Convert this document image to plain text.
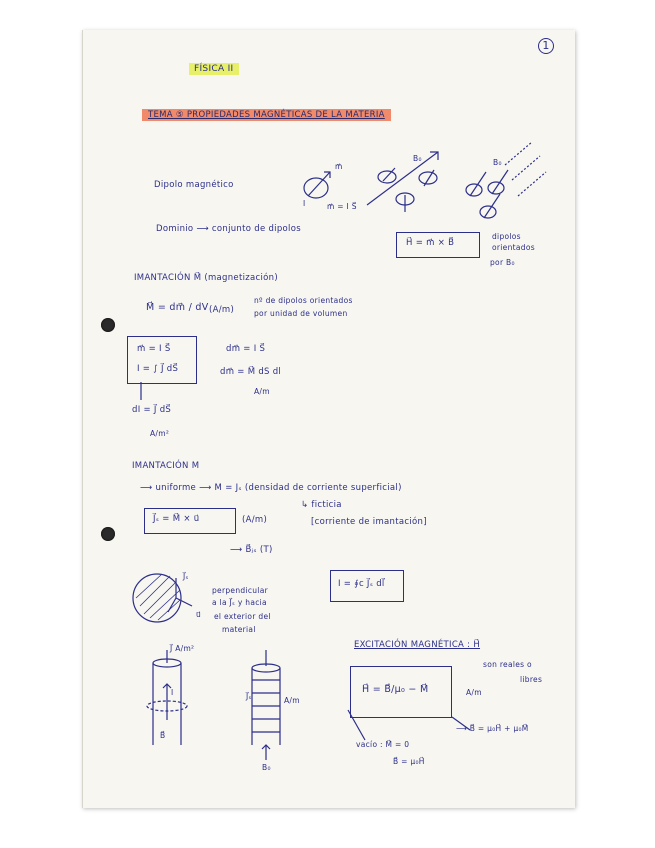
1
FÍSICA II
TEMA ⑤ PROPIEDADES MAGNÉTICAS DE LA MATERIA
Dipolo magnético
m⃗
I	m⃗ = I S⃗
B₀	B₀
Dominio ⟶ conjunto de dipolos
H⃗ = m⃗ × B⃗
dipolos
orientados
por B₀
IMANTACIÓN M⃗ (magnetización)
M⃗ = dm⃗ / dV (A/m)
nº de dipolos orientados
por unidad de volumen
m⃗ = I S⃗
I = ∫ J⃗ dS⃗
dm⃗ = I S⃗
dm⃗ = M⃗ dS dl
A/m
dI = J⃗ dS⃗
A/m²
IMANTACIÓN M
⟶ uniforme ⟶ M = Jₛ (densidad de corriente superficial)
↳ ficticia
[corriente de imantación]
J⃗ₛ = M⃗ × u⃗	(A/m)
⟶ B⃗ⱼₛ (T)
I = ∮c J⃗ₛ dl⃗
J⃗ₛ
u⃗
perpendicular
a la J⃗ₛ y hacia
el exterior del
material
J⃗ A/m²
I
B⃗
J⃗ₛ	A/m
B₀
EXCITACIÓN MAGNÉTICA : H⃗
son reales o
libres
H⃗ = B⃗/μ₀ − M⃗	A/m
⟶ B⃗ = μ₀H⃗ + μ₀M⃗
vacío : M⃗ = 0
B⃗ = μ₀H⃗
